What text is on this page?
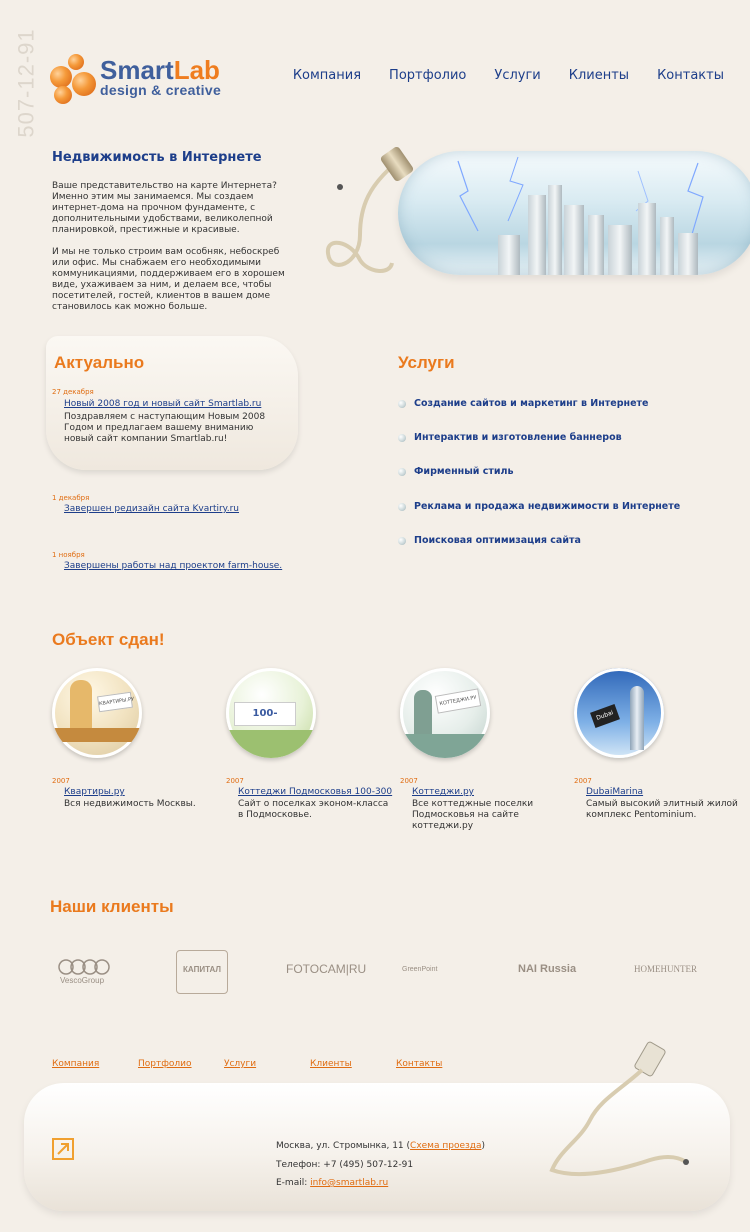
507-12-91 SmartLab
design & creative
Компания Портфолио Услуги Клиенты Контакты
Недвижимость в Интернете

Ваше представительство на карте Интернета? Именно этим мы занимаемся. Мы создаем интернет-дома на прочном фундаменте, с дополнительными удобствами, великолепной планировкой, престижные и красивые.

И мы не только строим вам особняк, небоскреб или офис. Мы снабжаем его необходимыми коммуникациями, поддерживаем его в хорошем виде, ухаживаем за ним, и делаем все, чтобы посетителей, гостей, клиентов в вашем доме становилось как можно больше.

Актуально
27 декабря
Новый 2008 год и новый сайт Smartlab.ru
Поздравляем с наступающим Новым 2008 Годом и предлагаем вашему вниманию новый сайт компании Smartlab.ru!
1 декабря
Завершен редизайн сайта Kvartiry.ru
1 ноября
Завершены работы над проектом farm-house.
Услуги
Создание сайтов и маркетинг в Интернете
Интерактив и изготовление баннеров
Фирменный стиль
Реклама и продажа недвижимости в Интернете
Поисковая оптимизация сайта
Объект сдан!
КВАРТИРЫ.РУ
2007
Квартиры.ру
Вся недвижимость Москвы.
100-
2007
Коттеджи Подмосковья 100-300
Сайт о поселках эконом-класса в Подмосковье.
КОТТЕДЖИ.РУ
2007
Коттеджи.ру
Все коттеджные поселки Подмосковья на сайте коттеджи.ру
Dubai
2007
DubaiMarina
Самый высокий элитный жилой комплекс Pentominium.
Наши клиенты
VescoGroup
КАПИТАЛ	FOTOCAM|RU	GreenPoint	NAI Russia	HOMEHUNTER
Компания	Портфолио	Услуги	Клиенты	Контакты
Москва, ул. Стромынка, 11 (Схема проезда)
Телефон: +7 (495) 507-12-91
E-mail: info@smartlab.ru
